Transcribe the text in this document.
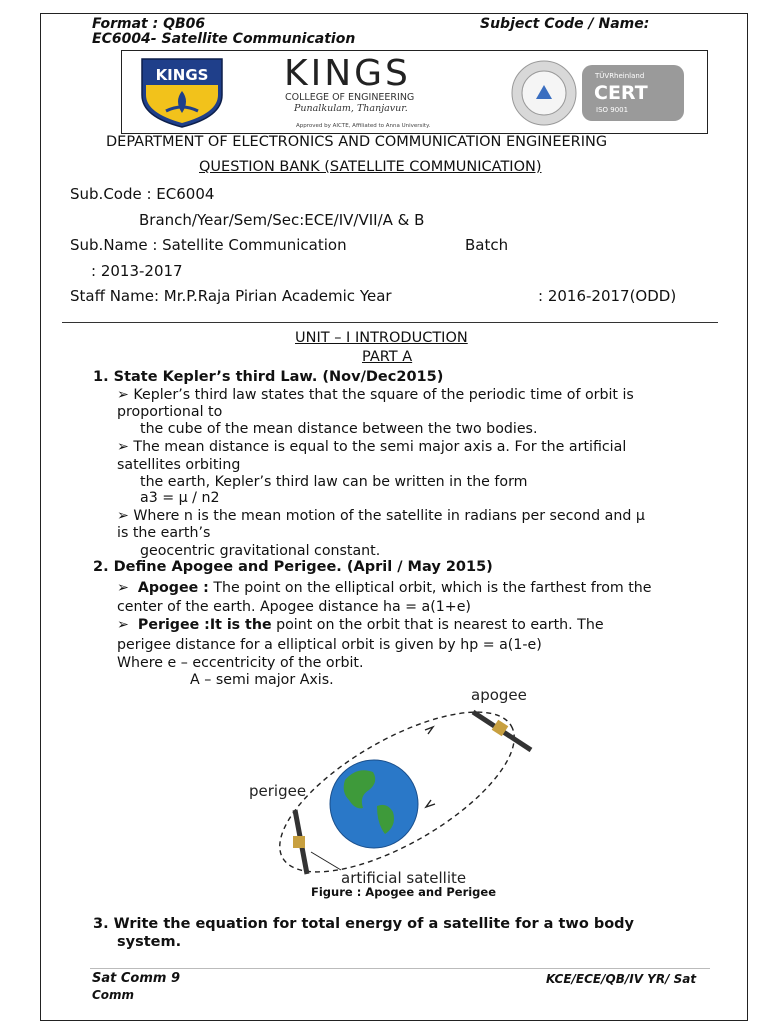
Format : QB06	Subject Code / Name:
EC6004- Satellite Communication
KINGS KINGS
COLLEGE OF ENGINEERING
Punalkulam, Thanjavur.
Approved by AICTE, Affiliated to Anna University.
TÜVRheinland
CERT
ISO 9001
DEPARTMENT OF ELECTRONICS AND COMMUNICATION ENGINEERING
QUESTION BANK (SATELLITE COMMUNICATION)
Sub.Code : EC6004
Branch/Year/Sem/Sec:ECE/IV/VII/A & B
Sub.Name : Satellite Communication	Batch
: 2013-2017
Staff Name: Mr.P.Raja Pirian Academic Year	: 2016-2017(ODD)
UNIT – I INTRODUCTION
PART A
1. State Kepler’s third Law. (Nov/Dec2015)
➢ Kepler’s third law states that the square of the periodic time of orbit is
proportional to
the cube of the mean distance between the two bodies.
➢ The mean distance is equal to the semi major axis a. For the artificial
satellites orbiting
the earth, Kepler’s third law can be written in the form
a3 = µ / n2
➢ Where n is the mean motion of the satellite in radians per second and µ
is the earth’s
geocentric gravitational constant.
2. Define Apogee and Perigee. (April / May 2015)
➢ Apogee : The point on the elliptical orbit, which is the farthest from the
center of the earth. Apogee distance ha = a(1+e)
➢ Perigee :It is the point on the orbit that is nearest to earth. The
perigee distance for a elliptical orbit is given by hp = a(1-e)
Where e – eccentricity of the orbit.
A – semi major Axis.
apogee
perigee
artificial satellite
Figure : Apogee and Perigee
3. Write the equation for total energy of a satellite for a two body
system.
Sat Comm 9
Comm
KCE/ECE/QB/IV YR/ Sat
